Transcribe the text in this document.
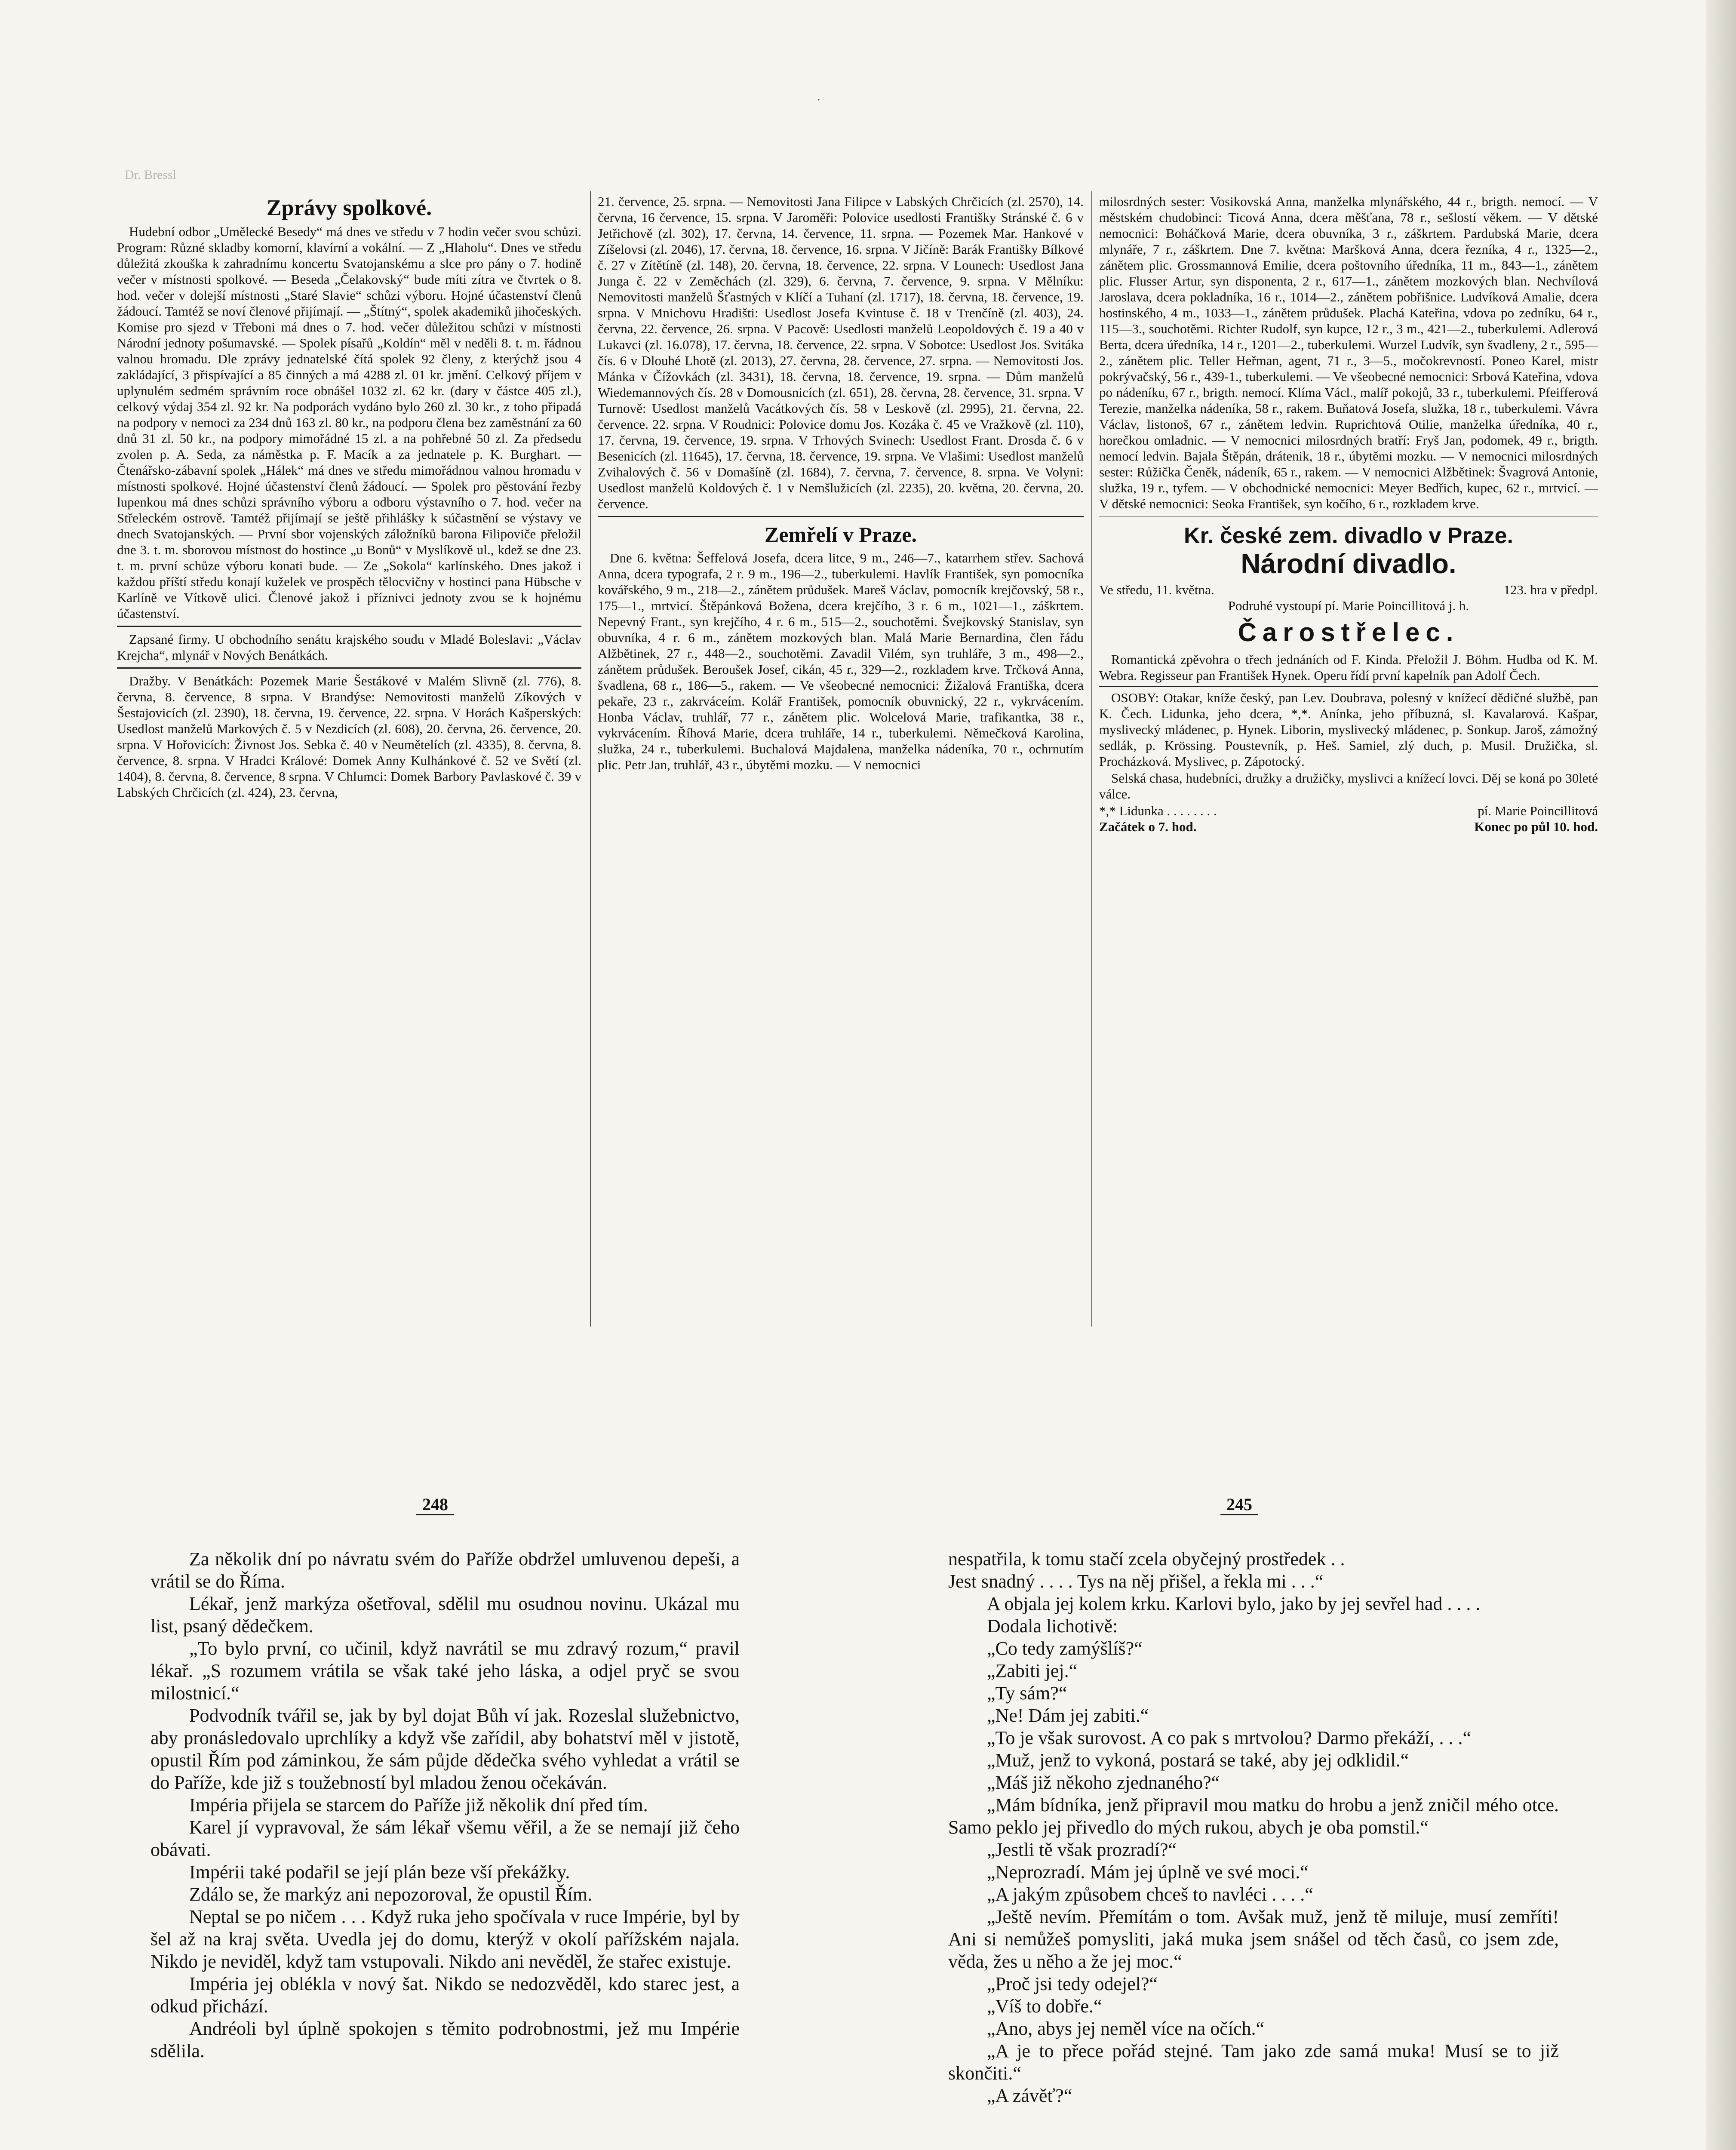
Dr. Bressl
·
Zprávy spolkové.

Hudební odbor „Umělecké Besedy“ má dnes ve středu v 7 hodin večer svou schůzi. Program: Různé skladby komorní, klavírní a vokální. — Z „Hlaholu“. Dnes ve středu důležitá zkouška k zahradnímu koncertu Svatojanskému a slce pro pány o 7. hodině večer v místnosti spolkové. — Beseda „Čelakovský“ bude míti zítra ve čtvrtek o 8. hod. večer v dolejší místnosti „Staré Slavie“ schůzi výboru. Hojné účastenství členů žádoucí. Tamtéž se noví členové přijímají. — „Štítný“, spolek akademiků jihočeských. Komise pro sjezd v Třeboni má dnes o 7. hod. večer důležitou schůzi v místnosti Národní jednoty pošumavské. — Spolek písařů „Koldín“ měl v neděli 8. t. m. řádnou valnou hromadu. Dle zprávy jednatelské čítá spolek 92 členy, z kterýchž jsou 4 zakládající, 3 přispívající a 85 činných a má 4288 zl. 01 kr. jmění. Celkový příjem v uplynulém sedmém správním roce obnášel 1032 zl. 62 kr. (dary v částce 405 zl.), celkový výdaj 354 zl. 92 kr. Na podporách vydáno bylo 260 zl. 30 kr., z toho připadá na podpory v nemoci za 234 dnů 163 zl. 80 kr., na podporu člena bez zaměstnání za 60 dnů 31 zl. 50 kr., na podpory mimořádné 15 zl. a na pohřebné 50 zl. Za předsedu zvolen p. A. Seda, za náměstka p. F. Macík a za jednatele p. K. Burghart. — Čtenářsko-zábavní spolek „Hálek“ má dnes ve středu mimořádnou valnou hromadu v místnosti spolkové. Hojné účastenství členů žádoucí. — Spolek pro pěstování řezby lupenkou má dnes schůzi správního výboru a odboru výstavního o 7. hod. večer na Střeleckém ostrově. Tamtéž přijímají se ještě přihlášky k súčastnění se výstavy ve dnech Svatojanských. — První sbor vojenských záložníků barona Filipoviče přeložil dne 3. t. m. sborovou místnost do hostince „u Bonů“ v Myslíkově ul., kdež se dne 23. t. m. první schůze výboru konati bude. — Ze „Sokola“ karlínského. Dnes jakož i každou příští středu konají kuželek ve prospěch tělocvičny v hostinci pana Hübsche v Karlíně ve Vítkově ulici. Členové jakož i příznivci jednoty zvou se k hojnému účastenství.

Zapsané firmy. U obchodního senátu krajského soudu v Mladé Boleslavi: „Václav Krejcha“, mlynář v Nových Benátkách.

Dražby. V Benátkách: Pozemek Marie Šestákové v Malém Slivně (zl. 776), 8. června, 8. července, 8 srpna. V Brandýse: Nemovitosti manželů Zíkových v Šestajovicích (zl. 2390), 18. června, 19. července, 22. srpna. V Horách Kašperských: Usedlost manželů Markových č. 5 v Nezdicích (zl. 608), 20. června, 26. července, 20. srpna. V Hořovicích: Živnost Jos. Sebka č. 40 v Neumětelích (zl. 4335), 8. června, 8. července, 8. srpna. V Hradci Králové: Domek Anny Kulhánkové č. 52 ve Světí (zl. 1404), 8. června, 8. července, 8 srpna. V Chlumci: Domek Barbory Pavlaskové č. 39 v Labských Chrčicích (zl. 424), 23. června,

21. července, 25. srpna. — Nemovitosti Jana Filipce v Labských Chrčicích (zl. 2570), 14. června, 16 července, 15. srpna. V Jaroměři: Polovice usedlosti Františky Stránské č. 6 v Jetřichově (zl. 302), 17. června, 14. července, 11. srpna. — Pozemek Mar. Hankové v Zíšelovsi (zl. 2046), 17. června, 18. července, 16. srpna. V Jičíně: Barák Františky Bílkové č. 27 v Zítětíně (zl. 148), 20. června, 18. července, 22. srpna. V Lounech: Usedlost Jana Junga č. 22 v Zeměchách (zl. 329), 6. června, 7. července, 9. srpna. V Mělníku: Nemovitosti manželů Šťastných v Klíčí a Tuhaní (zl. 1717), 18. června, 18. července, 19. srpna. V Mnichovu Hradišti: Usedlost Josefa Kvintuse č. 18 v Trenčíně (zl. 403), 24. června, 22. července, 26. srpna. V Pacově: Usedlosti manželů Leopoldových č. 19 a 40 v Lukavci (zl. 16.078), 17. června, 18. července, 22. srpna. V Sobotce: Usedlost Jos. Svitáka čís. 6 v Dlouhé Lhotě (zl. 2013), 27. června, 28. července, 27. srpna. — Nemovitosti Jos. Mánka v Čížovkách (zl. 3431), 18. června, 18. července, 19. srpna. — Dům manželů Wiedemannových čís. 28 v Domousnicích (zl. 651), 28. června, 28. července, 31. srpna. V Turnově: Usedlost manželů Vacátkových čís. 58 v Leskově (zl. 2995), 21. června, 22. července. 22. srpna. V Roudnici: Polovice domu Jos. Kozáka č. 45 ve Vražkově (zl. 110), 17. června, 19. července, 19. srpna. V Trhových Svinech: Usedlost Frant. Drosda č. 6 v Besenicích (zl. 11645), 17. června, 18. července, 19. srpna. Ve Vlašimi: Usedlost manželů Zvihalových č. 56 v Domašíně (zl. 1684), 7. června, 7. července, 8. srpna. Ve Volyni: Usedlost manželů Koldových č. 1 v Nemšlužicích (zl. 2235), 20. května, 20. června, 20. července.

Zemřelí v Praze.

Dne 6. května: Šeffelová Josefa, dcera litce, 9 m., 246—7., katarrhem střev. Sachová Anna, dcera typografa, 2 r. 9 m., 196—2., tuberkulemi. Havlík František, syn pomocníka kovářského, 9 m., 218—2., zánětem průdušek. Mareš Václav, pomocník krejčovský, 58 r., 175—1., mrtvicí. Štěpánková Božena, dcera krejčího, 3 r. 6 m., 1021—1., záškrtem. Nepevný Frant., syn krejčího, 4 r. 6 m., 515—2., souchotěmi. Švejkovský Stanislav, syn obuvníka, 4 r. 6 m., zánětem mozkových blan. Malá Marie Bernardina, člen řádu Alžbětinek, 27 r., 448—2., souchotěmi. Zavadil Vilém, syn truhláře, 3 m., 498—2., zánětem průdušek. Beroušek Josef, cikán, 45 r., 329—2., rozkladem krve. Trčková Anna, švadlena, 68 r., 186—5., rakem. — Ve všeobecné nemocnici: Žižalová Františka, dcera pekaře, 23 r., zakrváceím. Kolář František, pomocník obuvnický, 22 r., vykrvácením. Honba Václav, truhlář, 77 r., zánětem plic. Wolcelová Marie, trafikantka, 38 r., vykrvácením. Říhová Marie, dcera truhláře, 14 r., tuberkulemi. Němečková Karolina, služka, 24 r., tuberkulemi. Buchalová Majdalena, manželka nádeníka, 70 r., ochrnutím plic. Petr Jan, truhlář, 43 r., úbytěmi mozku. — V nemocnici

milosrdných sester: Vosikovská Anna, manželka mlynářského, 44 r., brigth. nemocí. — V městském chudobinci: Ticová Anna, dcera měšťana, 78 r., sešlostí věkem. — V dětské nemocnici: Boháčková Marie, dcera obuvníka, 3 r., záškrtem. Pardubská Marie, dcera mlynáře, 7 r., záškrtem. Dne 7. května: Maršková Anna, dcera řezníka, 4 r., 1325—2., zánětem plic. Grossmannová Emilie, dcera poštovního úředníka, 11 m., 843—1., zánětem plic. Flusser Artur, syn disponenta, 2 r., 617—1., zánětem mozkových blan. Nechvílová Jaroslava, dcera pokladníka, 16 r., 1014—2., zánětem pobřišnice. Ludvíková Amalie, dcera hostinského, 4 m., 1033—1., zánětem průdušek. Plachá Kateřina, vdova po zedníku, 64 r., 115—3., souchotěmi. Richter Rudolf, syn kupce, 12 r., 3 m., 421—2., tuberkulemi. Adlerová Berta, dcera úředníka, 14 r., 1201—2., tuberkulemi. Wurzel Ludvík, syn švadleny, 2 r., 595—2., zánětem plic. Teller Heřman, agent, 71 r., 3—5., močokrevností. Poneo Karel, mistr pokrývačský, 56 r., 439-1., tuberkulemi. — Ve všeobecné nemocnici: Srbová Kateřina, vdova po nádeníku, 67 r., brigth. nemocí. Klíma Václ., malíř pokojů, 33 r., tuberkulemi. Pfeifferová Terezie, manželka nádeníka, 58 r., rakem. Buňatová Josefa, služka, 18 r., tuberkulemi. Vávra Václav, listonoš, 67 r., zánětem ledvin. Ruprichtová Otilie, manželka úředníka, 40 r., horečkou omladnic. — V nemocnici milosrdných bratří: Fryš Jan, podomek, 49 r., brigth. nemocí ledvin. Bajala Štěpán, drátenik, 18 r., úbytěmi mozku. — V nemocnici milosrdných sester: Růžička Čeněk, nádeník, 65 r., rakem. — V nemocnici Alžbětinek: Švagrová Antonie, služka, 19 r., tyfem. — V obchodnické nemocnici: Meyer Bedřich, kupec, 62 r., mrtvicí. — V dětské nemocnici: Seoka František, syn kočího, 6 r., rozkladem krve.

Kr. české zem. divadlo v Praze.
Národní divadlo.
Ve středu, 11. května.	123. hra v předpl.
Podruhé vystoupí pí. Marie Poincillitová j. h.
Čarostřelec.

Romantická zpěvohra o třech jednáních od F. Kinda. Přeložil J. Böhm. Hudba od K. M. Webra. Regisseur pan František Hynek. Operu řídí první kapelník pan Adolf Čech.

OSOBY: Otakar, kníže český, pan Lev. Doubrava, polesný v knížecí dědičné službě, pan K. Čech. Lidunka, jeho dcera, *,*. Anínka, jeho příbuzná, sl. Kavalarová. Kašpar, myslivecký mládenec, p. Hynek. Liborin, myslivecký mládenec, p. Sonkup. Jaroš, zámožný sedlák, p. Krössing. Poustevník, p. Heš. Samiel, zlý duch, p. Musil. Družička, sl. Procházková. Myslivec, p. Zápotocký.

Selská chasa, hudebníci, družky a družičky, myslivci a knížecí lovci. Děj se koná po 30leté válce.

*,* Lidunka . . . . . . . .	pí. Marie Poincillitová
Začátek o 7. hod.	Konec po půl 10. hod.
248	245

Za několik dní po návratu svém do Paříže obdržel umluvenou depeši, a vrátil se do Říma.

Lékař, jenž markýza ošetřoval, sdělil mu osudnou novinu. Ukázal mu list, psaný dědečkem.

„To bylo první, co učinil, když navrátil se mu zdravý rozum,“ pravil lékař. „S rozumem vrátila se však také jeho láska, a odjel pryč se svou milostnicí.“

Podvodník tvářil se, jak by byl dojat Bůh ví jak. Rozeslal služebnictvo, aby pronásledovalo uprchlíky a když vše zařídil, aby bohatství měl v jistotě, opustil Řím pod záminkou, že sám půjde dědečka svého vyhledat a vrátil se do Paříže, kde již s toužebností byl mladou ženou očekáván.

Impéria přijela se starcem do Paříže již několik dní před tím.

Karel jí vypravoval, že sám lékař všemu věřil, a že se nemají již čeho obávati.

Impérii také podařil se její plán beze vší překážky.

Zdálo se, že markýz ani nepozoroval, že opustil Řím.

Neptal se po ničem . . . Když ruka jeho spočívala v ruce Impérie, byl by šel až na kraj světa. Uvedla jej do domu, kterýž v okolí pařížském najala. Nikdo je neviděl, když tam vstupovali. Nikdo ani nevěděl, že stařec existuje.

Impéria jej oblékla v nový šat. Nikdo se nedozvěděl, kdo starec jest, a odkud přichází.

Andréoli byl úplně spokojen s těmito podrobnostmi, jež mu Impérie sdělila.

nespatřila, k tomu stačí zcela obyčejný prostředek . .

Jest snadný . . . . Tys na něj přišel, a řekla mi . . .“

A objala jej kolem krku. Karlovi bylo, jako by jej sevřel had . . . .

Dodala lichotivě:

„Co tedy zamýšlíš?“

„Zabiti jej.“

„Ty sám?“

„Ne! Dám jej zabiti.“

„To je však surovost. A co pak s mrtvolou? Darmo překáží, . . .“

„Muž, jenž to vykoná, postará se také, aby jej odklidil.“

„Máš již někoho zjednaného?“

„Mám bídníka, jenž připravil mou matku do hrobu a jenž zničil mého otce. Samo peklo jej přivedlo do mých rukou, abych je oba pomstil.“

„Jestli tě však prozradí?“

„Neprozradí. Mám jej úplně ve své moci.“

„A jakým způsobem chceš to navléci . . . .“

„Ještě nevím. Přemítám o tom. Avšak muž, jenž tě miluje, musí zemříti! Ani si nemůžeš pomysliti, jaká muka jsem snášel od těch časů, co jsem zde, věda, žes u něho a že jej moc.“

„Proč jsi tedy odejel?“

„Víš to dobře.“

„Ano, abys jej neměl více na očích.“

„A je to přece pořád stejné. Tam jako zde samá muka! Musí se to již skončiti.“

„A závěť?“
